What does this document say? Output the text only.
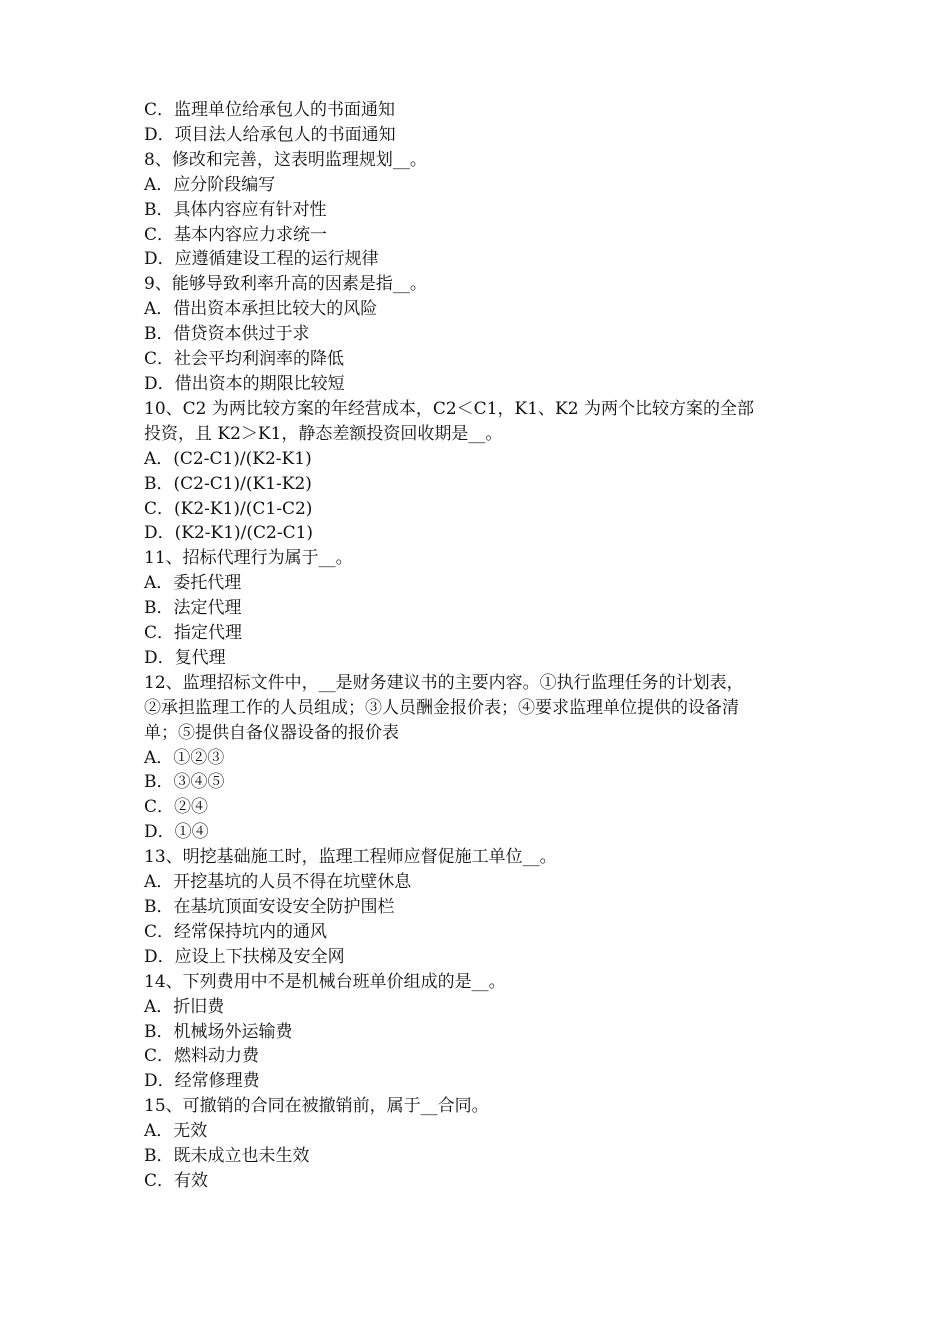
C．监理单位给承包人的书面通知

D．项目法人给承包人的书面通知

8、修改和完善，这表明监理规划__。

A．应分阶段编写

B．具体内容应有针对性

C．基本内容应力求统一

D．应遵循建设工程的运行规律

9、能够导致利率升高的因素是指__。

A．借出资本承担比较大的风险

B．借贷资本供过于求

C．社会平均利润率的降低

D．借出资本的期限比较短

10、C2 为两比较方案的年经营成本，C2＜C1，K1、K2 为两个比较方案的全部

投资，且 K2＞K1，静态差额投资回收期是__。

A．(C2-C1)/(K2-K1)

B．(C2-C1)/(K1-K2)

C．(K2-K1)/(C1-C2)

D．(K2-K1)/(C2-C1)

11、招标代理行为属于__。

A．委托代理

B．法定代理

C．指定代理

D．复代理

12、监理招标文件中，__是财务建议书的主要内容。①执行监理任务的计划表，

②承担监理工作的人员组成；③人员酬金报价表；④要求监理单位提供的设备清

单；⑤提供自备仪器设备的报价表

A．①②③

B．③④⑤

C．②④

D．①④

13、明挖基础施工时，监理工程师应督促施工单位__。

A．开挖基坑的人员不得在坑壁休息

B．在基坑顶面安设安全防护围栏

C．经常保持坑内的通风

D．应设上下扶梯及安全网

14、下列费用中不是机械台班单价组成的是__。

A．折旧费

B．机械场外运输费

C．燃料动力费

D．经常修理费

15、可撤销的合同在被撤销前，属于__合同。

A．无效

B．既未成立也未生效

C．有效
